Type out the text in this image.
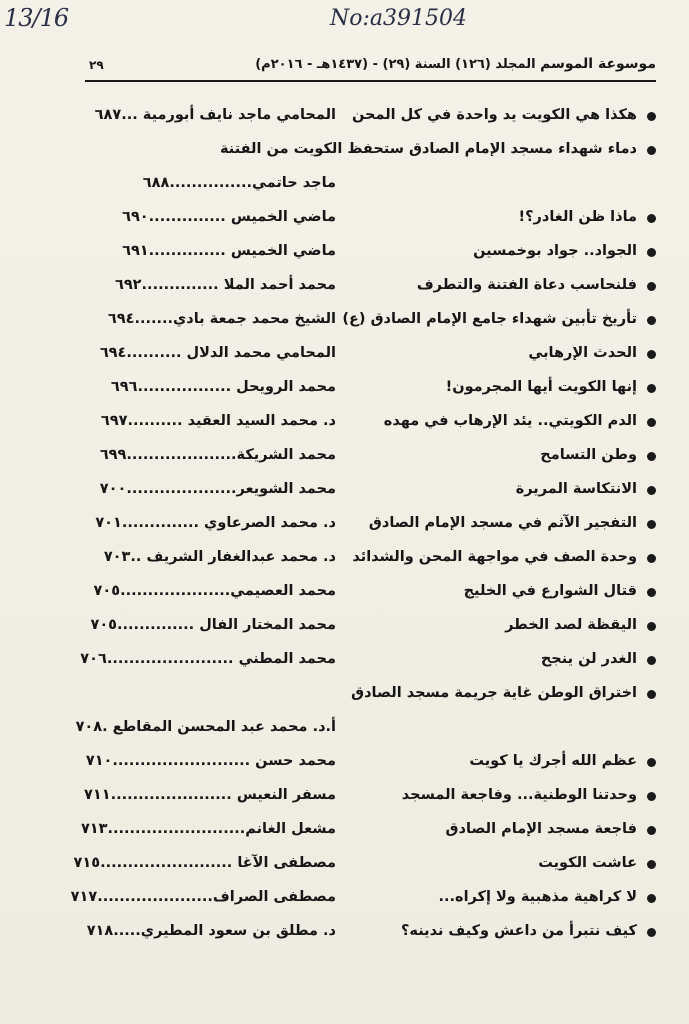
13/16	No:a391504
موسوعة الموسم المجلد (١٢٦) السنة (٢٩) - (١٤٣٧هـ - ٢٠١٦م)
٢٩
هكذا هي الكويت يد واحدة في كل المحن
المحامي ماجد نايف أبورمية ...٦٨٧
دماء شهداء مسجد الإمام الصادق ستحفظ الكويت من الفتنة
ماجد حاتمي...............٦٨٨
ماذا ظن الغادر؟!
ماضي الخميس ..............٦٩٠
الجواد.. جواد بوخمسين
ماضي الخميس ..............٦٩١
فلنحاسب دعاة الفتنة والتطرف
محمد أحمد الملا ..............٦٩٢
تأريخ تأبين شهداء جامع الإمام الصادق (ع)
الشيخ محمد جمعة بادي.......٦٩٤
الحدث الإرهابي
المحامي محمد الدلال ..........٦٩٤
إنها الكويت أيها المجرمون!
محمد الرويحل .................٦٩٦
الدم الكويتي.. يئد الإرهاب في مهده
د. محمد السيد العقيد ..........٦٩٧
وطن التسامح
محمد الشريكة....................٦٩٩
الانتكاسة المريرة
محمد الشويعر....................٧٠٠
التفجير الآثم في مسجد الإمام الصادق
د. محمد الصرعاوي ..............٧٠١
وحدة الصف في مواجهة المحن والشدائد
د. محمد عبدالغفار الشريف ..٧٠٣
قتال الشوارع في الخليج
محمد العصيمي....................٧٠٥
اليقظة لصد الخطر
محمد المختار الفال ..............٧٠٥
الغدر لن ينجح
محمد المطني .......................٧٠٦
اختراق الوطن غاية جريمة مسجد الصادق
أ.د. محمد عبد المحسن المقاطع .٧٠٨
عظم الله أجرك يا كويت
محمد حسن .........................٧١٠
وحدتنا الوطنية... وفاجعة المسجد
مسفر النعيس ......................٧١١
فاجعة مسجد الإمام الصادق
مشعل الغانم.........................٧١٣
عاشت الكويت
مصطفى الآغا ........................٧١٥
لا كراهية مذهبية ولا إكراه...
مصطفى الصراف.....................٧١٧
كيف نتبرأ من داعش وكيف ندينه؟
د. مطلق بن سعود المطيري.....٧١٨
